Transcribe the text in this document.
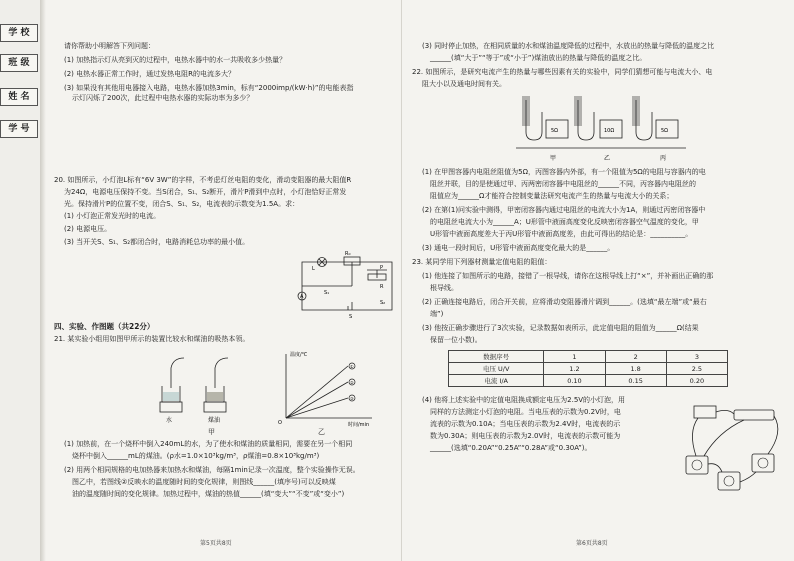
学 校
班 级
姓 名
学 号
请你帮助小明解答下列问题：
(1) 加热指示灯从亮到灭的过程中，电热水器中的水一共吸收多少热量？
(2) 电热水器正常工作时，通过发热电阻R的电流多大？
(3) 如果没有其他用电器接入电路，电热水器加热3min，标有“2000imp/(kW·h)”的电能表指
示灯闪烁了200次，此过程中电热水器的实际功率为多少？
20. 如图所示，小灯泡L标有“6V 3W”的字样，不考虑灯丝电阻的变化，滑动变阻器的最大阻值R
为24Ω，电源电压保持不变。当S闭合，S₁、S₂断开，滑片P滑到中点时，小灯泡恰好正常发
光。保持滑片P的位置不变，闭合S、S₁、S₂，电流表的示数变为1.5A。求：
(1) 小灯泡正常发光时的电流。
(2) 电源电压。
(3) 当开关S、S₁、S₂都闭合时，电路消耗总功率的最小值。
R₀
L
A
S₁
P
R
S₂
S
四、实验、作图题（共22分）
21. 某实验小组用如图甲所示的装置比较水和煤油的吸热本领。
水	煤油
甲
①
②
③
温度/℃
时间/min
O
乙
(1) 加热前，在一个烧杯中倒入240mL的水，为了使水和煤油的质量相同，需要在另一个相同
烧杯中倒入______mL的煤油。(ρ水=1.0×10³kg/m³，ρ煤油=0.8×10³kg/m³)
(2) 用两个相同规格的电加热器来加热水和煤油，每隔1min记录一次温度，整个实验操作无误。
图乙中，若图线②反映水的温度随时间的变化规律，则图线______(填序号)可以反映煤
油的温度随时间的变化规律。加热过程中，煤油的热值______(填“变大”“不变”或“变小”)
第5页共8页
(3) 同时停止加热，在相同质量的水和煤油温度降低的过程中，水放出的热量与降低的温度之比
______(填“大于”“等于”或“小于”)煤油放出的热量与降低的温度之比。
22. 如图所示，是研究电流产生的热量与哪些因素有关的实验中，同学们猜想可能与电流大小、电
阻大小以及通电时间有关。
5Ω	10Ω	5Ω
甲	乙	丙
(1) 在甲图容器内电阻丝阻值为5Ω，丙图容器内外部，有一个阻值为5Ω的电阻与容器内的电
阻丝并联，目的是使通过甲、丙两密闭容器中电阻丝的______不同，丙容器内电阻丝的
阻值应为______Ω才能符合控制变量法研究电流产生的热量与电流大小的关系；
(2) 在第(1)问实验中测得，甲密闭容器内通过电阻丝的电流大小为1A，则通过丙密闭容器中
的电阻丝电流大小为______A；U形管中液面高度变化反映密闭容器空气温度的变化，甲
U形管中液面高度差大于丙U形管中液面高度差，由此可得出的结论是：__________。
(3) 通电一段时间后，U形管中液面高度变化最大的是______。
23. 某同学用下列器材测量定值电阻的阻值：
(1) 他连接了如图所示的电路，接错了一根导线，请你在这根导线上打“×”，并补画出正确的那
根导线。
(2) 正确连接电路后，闭合开关前，应将滑动变阻器滑片调到______。(选填“最左端”或“最右
端”)
(3) 他按正确步骤进行了3次实验，记录数据如表所示，此定值电阻的阻值为______Ω(结果
保留一位小数)。
数据序号	1	2	3
电压 U/V	1.2	1.8	2.5
电流 I/A	0.10	0.15	0.20
(4) 他将上述实验中的定值电阻换成额定电压为2.5V的小灯泡，用
同样的方法测定小灯泡的电阻。当电压表的示数为0.2V时，电
流表的示数为0.10A；当电压表的示数为2.4V时，电流表的示
数为0.30A；则电压表的示数为2.0V时，电流表的示数可能为
______(选填“0.20A”“0.25A”“0.28A”或“0.30A”)。
第6页共8页
